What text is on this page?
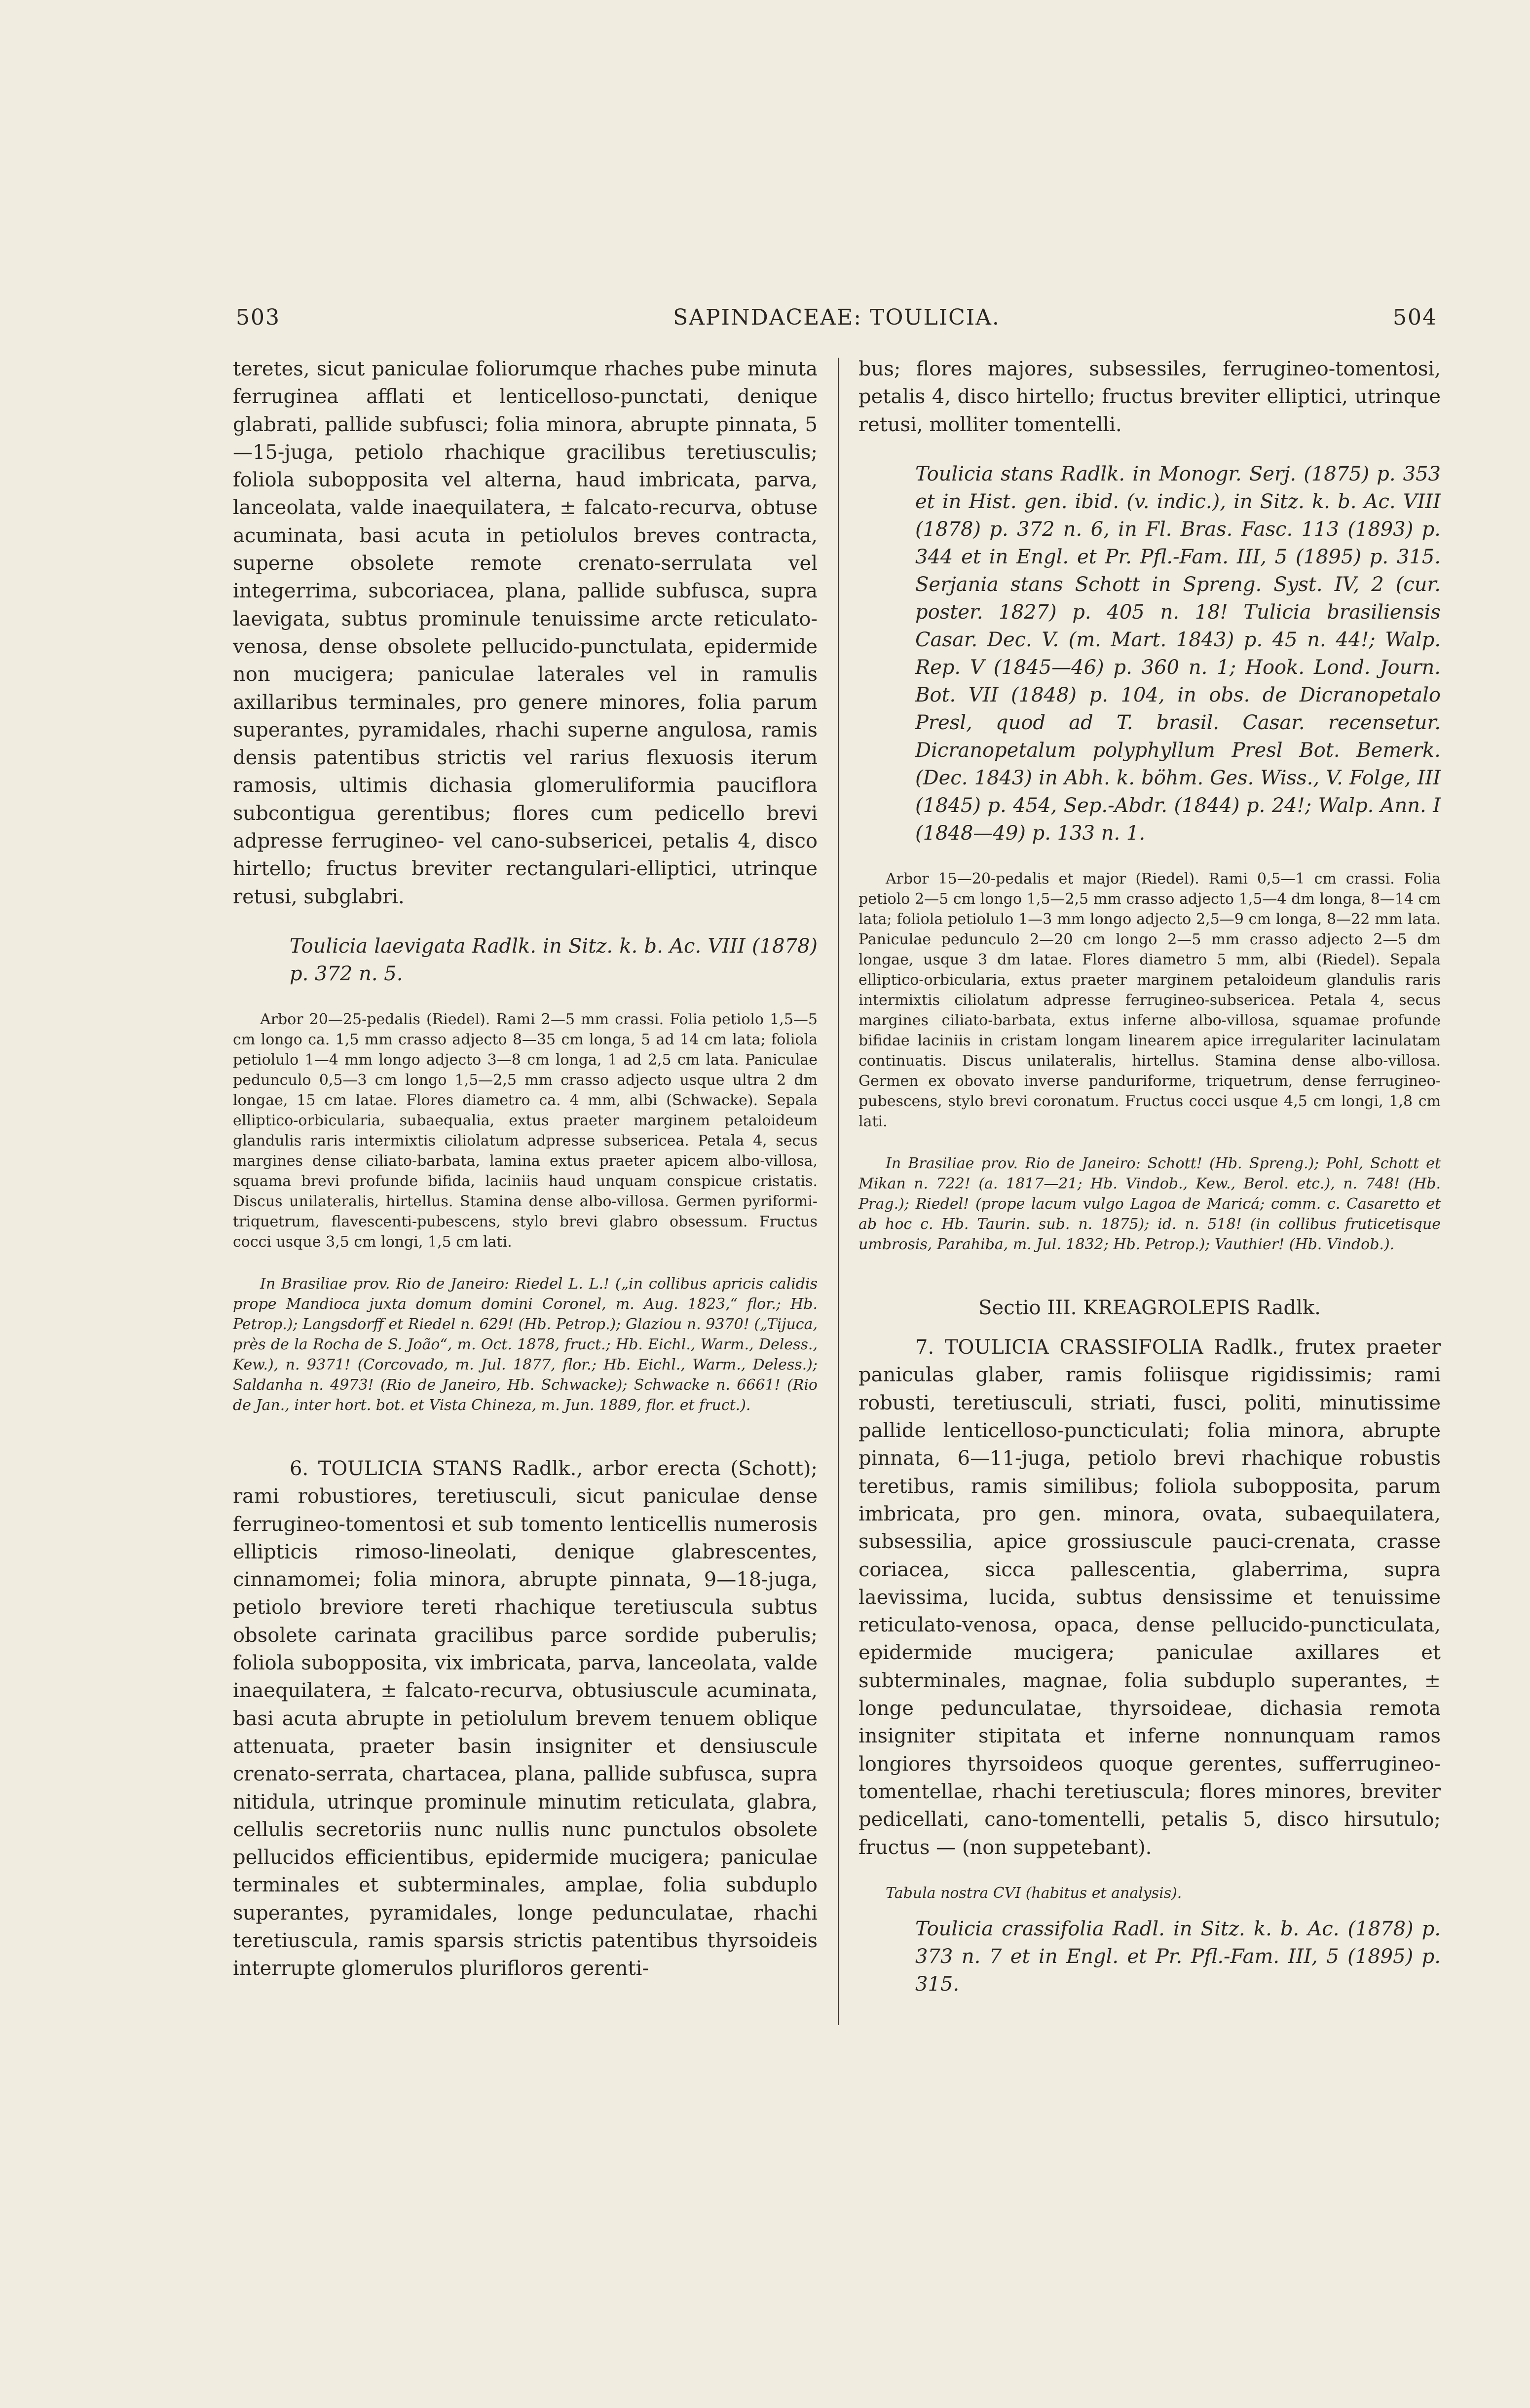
503	SAPINDACEAE: TOULICIA.	504

teretes, sicut paniculae foliorumque rhaches pube minuta ferruginea afflati et lenticelloso-punctati, denique glabrati, pallide subfusci; folia minora, abrupte pinnata, 5—15-juga, petiolo rhachique gracilibus teretiusculis; foliola subopposita vel alterna, haud imbricata, parva, lanceolata, valde inaequilatera, ± falcato-recurva, obtuse acuminata, basi acuta in petiolulos breves contracta, superne obsolete remote crenato-serrulata vel integerrima, subcoriacea, plana, pallide subfusca, supra laevigata, subtus prominule tenuissime arcte reticulato-venosa, dense obsolete pellucido-punctulata, epidermide non mucigera; paniculae laterales vel in ramulis axillaribus terminales, pro genere minores, folia parum superantes, pyramidales, rhachi superne angulosa, ramis densis patentibus strictis vel rarius flexuosis iterum ramosis, ultimis dichasia glomeruliformia pauciflora subcontigua gerentibus; flores cum pedicello brevi adpresse ferrugineo- vel cano-subsericei, petalis 4, disco hirtello; fructus breviter rectangulari-elliptici, utrinque retusi, subglabri.

Toulicia laevigata Radlk. in Sitz. k. b. Ac. VIII (1878) p. 372 n. 5.

Arbor 20—25-pedalis (Riedel). Rami 2—5 mm crassi. Folia petiolo 1,5—5 cm longo ca. 1,5 mm crasso adjecto 8—35 cm longa, 5 ad 14 cm lata; foliola petiolulo 1—4 mm longo adjecto 3—8 cm longa, 1 ad 2,5 cm lata. Paniculae pedunculo 0,5—3 cm longo 1,5—2,5 mm crasso adjecto usque ultra 2 dm longae, 15 cm latae. Flores diametro ca. 4 mm, albi (Schwacke). Sepala elliptico-orbicularia, subaequalia, extus praeter marginem petaloideum glandulis raris intermixtis ciliolatum adpresse subsericea. Petala 4, secus margines dense ciliato-barbata, lamina extus praeter apicem albo-villosa, squama brevi profunde bifida, laciniis haud unquam conspicue cristatis. Discus unilateralis, hirtellus. Stamina dense albo-villosa. Germen pyriformi-triquetrum, flavescenti-pubescens, stylo brevi glabro obsessum. Fructus cocci usque 3,5 cm longi, 1,5 cm lati.

In Brasiliae prov. Rio de Janeiro: Riedel L. L.! („in collibus apricis calidis prope Mandioca juxta domum domini Coronel, m. Aug. 1823,“ flor.; Hb. Petrop.); Langsdorff et Riedel n. 629! (Hb. Petrop.); Glaziou n. 9370! („Tijuca, près de la Rocha de S. João“, m. Oct. 1878, fruct.; Hb. Eichl., Warm., Deless., Kew.), n. 9371! (Corcovado, m. Jul. 1877, flor.; Hb. Eichl., Warm., Deless.); Saldanha n. 4973! (Rio de Janeiro, Hb. Schwacke); Schwacke n. 6661! (Rio de Jan., inter hort. bot. et Vista Chineza, m. Jun. 1889, flor. et fruct.).

6. TOULICIA STANS Radlk., arbor erecta (Schott); rami robustiores, teretiusculi, sicut paniculae dense ferrugineo-tomentosi et sub tomento lenticellis numerosis ellipticis rimoso-lineolati, denique glabrescentes, cinnamomei; folia minora, abrupte pinnata, 9—18-juga, petiolo breviore tereti rhachique teretiuscula subtus obsolete carinata gracilibus parce sordide puberulis; foliola subopposita, vix imbricata, parva, lanceolata, valde inaequilatera, ± falcato-recurva, obtusiuscule acuminata, basi acuta abrupte in petiolulum brevem tenuem oblique attenuata, praeter basin insigniter et densiuscule crenato-serrata, chartacea, plana, pallide subfusca, supra nitidula, utrinque prominule minutim reticulata, glabra, cellulis secretoriis nunc nullis nunc punctulos obsolete pellucidos efficientibus, epidermide mucigera; paniculae terminales et subterminales, amplae, folia subduplo superantes, pyramidales, longe pedunculatae, rhachi teretiuscula, ramis sparsis strictis patentibus thyrsoideis interrupte glomerulos plurifloros gerenti-

bus; flores majores, subsessiles, ferrugineo-tomentosi, petalis 4, disco hirtello; fructus breviter elliptici, utrinque retusi, molliter tomentelli.

Toulicia stans Radlk. in Monogr. Serj. (1875) p. 353 et in Hist. gen. ibid. (v. indic.), in Sitz. k. b. Ac. VIII (1878) p. 372 n. 6, in Fl. Bras. Fasc. 113 (1893) p. 344 et in Engl. et Pr. Pfl.-Fam. III, 5 (1895) p. 315. Serjania stans Schott in Spreng. Syst. IV, 2 (cur. poster. 1827) p. 405 n. 18! Tulicia brasiliensis Casar. Dec. V. (m. Mart. 1843) p. 45 n. 44!; Walp. Rep. V (1845—46) p. 360 n. 1; Hook. Lond. Journ. Bot. VII (1848) p. 104, in obs. de Dicranopetalo Presl, quod ad T. brasil. Casar. recensetur. Dicranopetalum polyphyllum Presl Bot. Bemerk. (Dec. 1843) in Abh. k. böhm. Ges. Wiss., V. Folge, III (1845) p. 454, Sep.-Abdr. (1844) p. 24!; Walp. Ann. I (1848—49) p. 133 n. 1.

Arbor 15—20-pedalis et major (Riedel). Rami 0,5—1 cm crassi. Folia petiolo 2—5 cm longo 1,5—2,5 mm crasso adjecto 1,5—4 dm longa, 8—14 cm lata; foliola petiolulo 1—3 mm longo adjecto 2,5—9 cm longa, 8—22 mm lata. Paniculae pedunculo 2—20 cm longo 2—5 mm crasso adjecto 2—5 dm longae, usque 3 dm latae. Flores diametro 5 mm, albi (Riedel). Sepala elliptico-orbicularia, extus praeter marginem petaloideum glandulis raris intermixtis ciliolatum adpresse ferrugineo-subsericea. Petala 4, secus margines ciliato-barbata, extus inferne albo-villosa, squamae profunde bifidae laciniis in cristam longam linearem apice irregulariter lacinulatam continuatis. Discus unilateralis, hirtellus. Stamina dense albo-villosa. Germen ex obovato inverse panduriforme, triquetrum, dense ferrugineo-pubescens, stylo brevi coronatum. Fructus cocci usque 4,5 cm longi, 1,8 cm lati.

In Brasiliae prov. Rio de Janeiro: Schott! (Hb. Spreng.); Pohl, Schott et Mikan n. 722! (a. 1817—21; Hb. Vindob., Kew., Berol. etc.), n. 748! (Hb. Prag.); Riedel! (prope lacum vulgo Lagoa de Maricá; comm. c. Casaretto et ab hoc c. Hb. Taurin. sub. n. 1875); id. n. 518! (in collibus fruticetisque umbrosis, Parahiba, m. Jul. 1832; Hb. Petrop.); Vauthier! (Hb. Vindob.).

Sectio III. KREAGROLEPIS Radlk.

7. TOULICIA CRASSIFOLIA Radlk., frutex praeter paniculas glaber, ramis foliisque rigidissimis; rami robusti, teretiusculi, striati, fusci, politi, minutissime pallide lenticelloso-puncticulati; folia minora, abrupte pinnata, 6—11-juga, petiolo brevi rhachique robustis teretibus, ramis similibus; foliola subopposita, parum imbricata, pro gen. minora, ovata, subaequilatera, subsessilia, apice grossiuscule pauci-crenata, crasse coriacea, sicca pallescentia, glaberrima, supra laevissima, lucida, subtus densissime et tenuissime reticulato-venosa, opaca, dense pellucido-puncticulata, epidermide mucigera; paniculae axillares et subterminales, magnae, folia subduplo superantes, ± longe pedunculatae, thyrsoideae, dichasia remota insigniter stipitata et inferne nonnunquam ramos longiores thyrsoideos quoque gerentes, sufferrugineo-tomentellae, rhachi teretiuscula; flores minores, breviter pedicellati, cano-tomentelli, petalis 5, disco hirsutulo; fructus — (non suppetebant).

Tabula nostra CVI (habitus et analysis).

Toulicia crassifolia Radl. in Sitz. k. b. Ac. (1878) p. 373 n. 7 et in Engl. et Pr. Pfl.-Fam. III, 5 (1895) p. 315.
